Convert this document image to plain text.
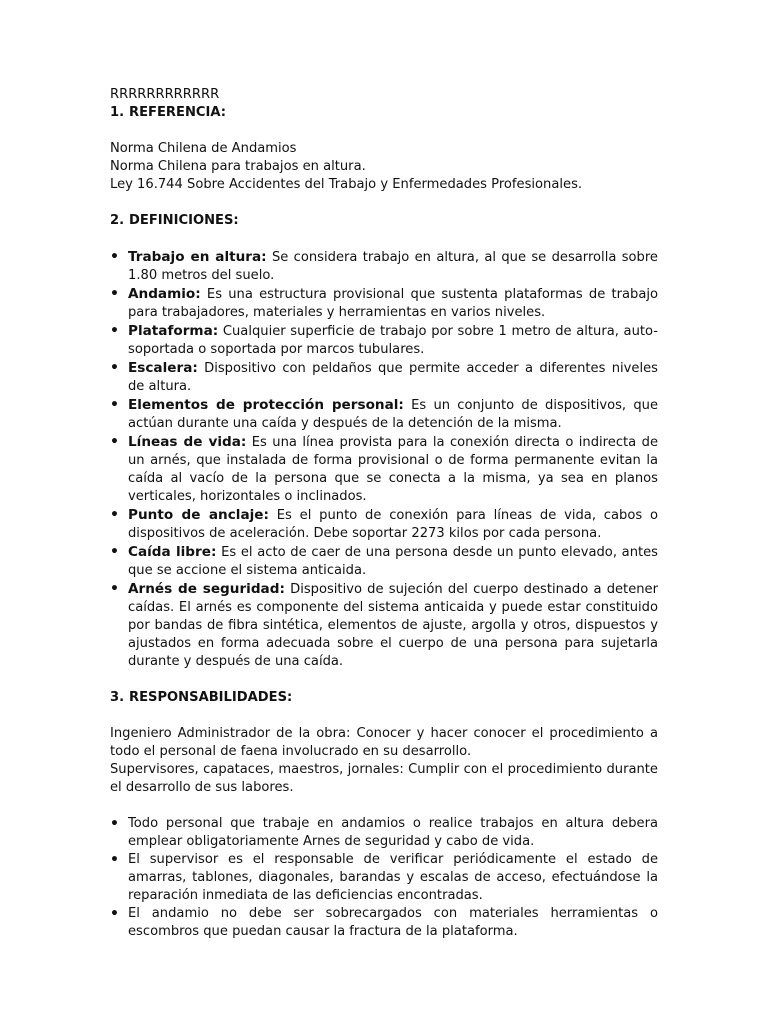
RRRRRRRRRRRR

1. REFERENCIA:

Norma Chilena de Andamios

Norma Chilena para trabajos en altura.

Ley 16.744 Sobre Accidentes del Trabajo y Enfermedades Profesionales.

2. DEFINICIONES:
• Trabajo en altura: Se considera trabajo en altura, al que se desarrolla sobre 1.80 metros del suelo.
• Andamio: Es una estructura provisional que sustenta plataformas de trabajo para trabajadores, materiales y herramientas en varios niveles.
• Plataforma: Cualquier superficie de trabajo por sobre 1 metro de altura, auto-soportada o soportada por marcos tubulares.
• Escalera: Dispositivo con peldaños que permite acceder a diferentes niveles de altura.
• Elementos de protección personal: Es un conjunto de dispositivos, que actúan durante una caída y después de la detención de la misma.
• Líneas de vida: Es una línea provista para la conexión directa o indirecta de un arnés, que instalada de forma provisional o de forma permanente evitan la caída al vacío de la persona que se conecta a la misma, ya sea en planos verticales, horizontales o inclinados.
• Punto de anclaje: Es el punto de conexión para líneas de vida, cabos o dispositivos de aceleración. Debe soportar 2273 kilos por cada persona.
• Caída libre: Es el acto de caer de una persona desde un punto elevado, antes que se accione el sistema anticaida.
• Arnés de seguridad: Dispositivo de sujeción del cuerpo destinado a detener caídas. El arnés es componente del sistema anticaida y puede estar constituido por bandas de fibra sintética, elementos de ajuste, argolla y otros, dispuestos y ajustados en forma adecuada sobre el cuerpo de una persona para sujetarla durante y después de una caída.
3. RESPONSABILIDADES:

Ingeniero Administrador de la obra: Conocer y hacer conocer el procedimiento a todo el personal de faena involucrado en su desarrollo.

Supervisores, capataces, maestros, jornales: Cumplir con el procedimiento durante el desarrollo de sus labores.

• Todo personal que trabaje en andamios o realice trabajos en altura debera emplear obligatoriamente Arnes de seguridad y cabo de vida.
• El supervisor es el responsable de verificar periódicamente el estado de amarras, tablones, diagonales, barandas y escalas de acceso, efectuándose la reparación inmediata de las deficiencias encontradas.
• El andamio no debe ser sobrecargados con materiales herramientas o escombros que puedan causar la fractura de la plataforma.
